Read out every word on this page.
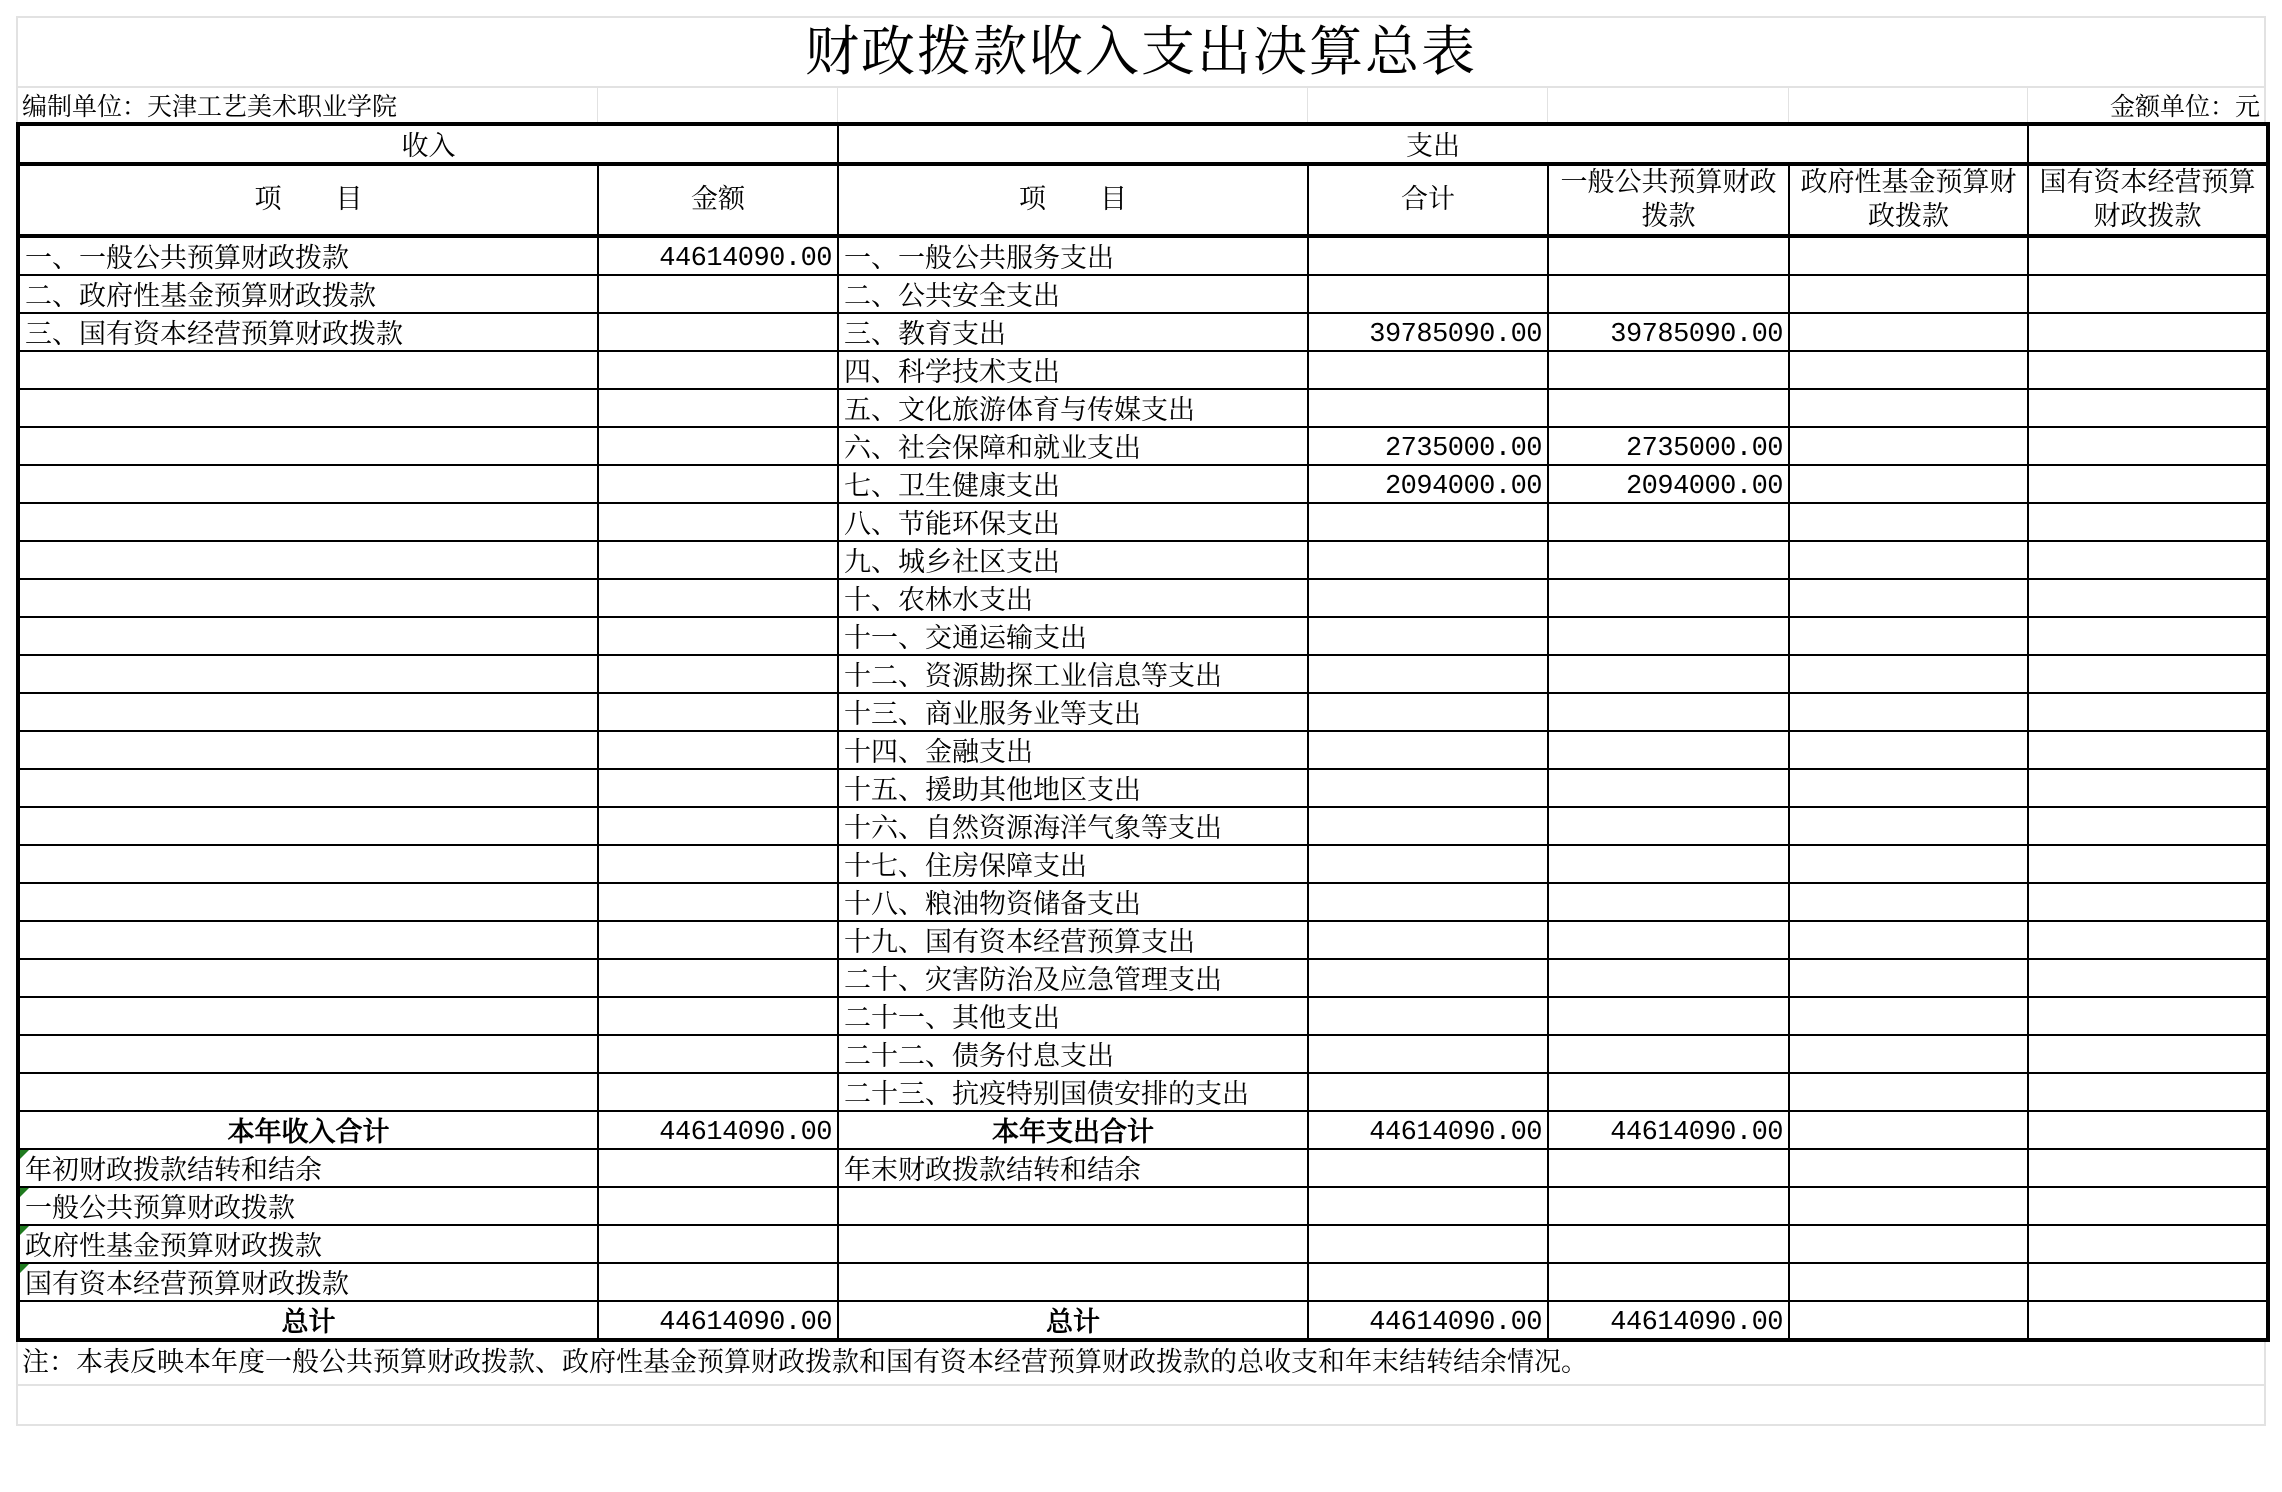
财政拨款收入支出决算总表
编制单位：天津工艺美术职业学院	金额单位：元
收入		支出				
项　　目	金额	项　　目	合计	一般公共预算财政拨款	政府性基金预算财政拨款	国有资本经营预算财政拨款
一、一般公共预算财政拨款	44614090.00	一、一般公共服务支出				
二、政府性基金预算财政拨款		二、公共安全支出				
三、国有资本经营预算财政拨款		三、教育支出	39785090.00	39785090.00		
		四、科学技术支出				
		五、文化旅游体育与传媒支出				
		六、社会保障和就业支出	2735000.00	2735000.00		
		七、卫生健康支出	2094000.00	2094000.00		
		八、节能环保支出				
		九、城乡社区支出				
		十、农林水支出				
		十一、交通运输支出				
		十二、资源勘探工业信息等支出				
		十三、商业服务业等支出				
		十四、金融支出				
		十五、援助其他地区支出				
		十六、自然资源海洋气象等支出				
		十七、住房保障支出				
		十八、粮油物资储备支出				
		十九、国有资本经营预算支出				
		二十、灾害防治及应急管理支出				
		二十一、其他支出				
		二十二、债务付息支出				
		二十三、抗疫特别国债安排的支出				
本年收入合计	44614090.00	本年支出合计	44614090.00	44614090.00		

年初财政拨款结转和结余		年末财政拨款结转和结余				

一般公共预算财政拨款						

政府性基金预算财政拨款						

国有资本经营预算财政拨款						
总计	44614090.00	总计	44614090.00	44614090.00		
注：本表反映本年度一般公共预算财政拨款、政府性基金预算财政拨款和国有资本经营预算财政拨款的总收支和年末结转结余情况。
